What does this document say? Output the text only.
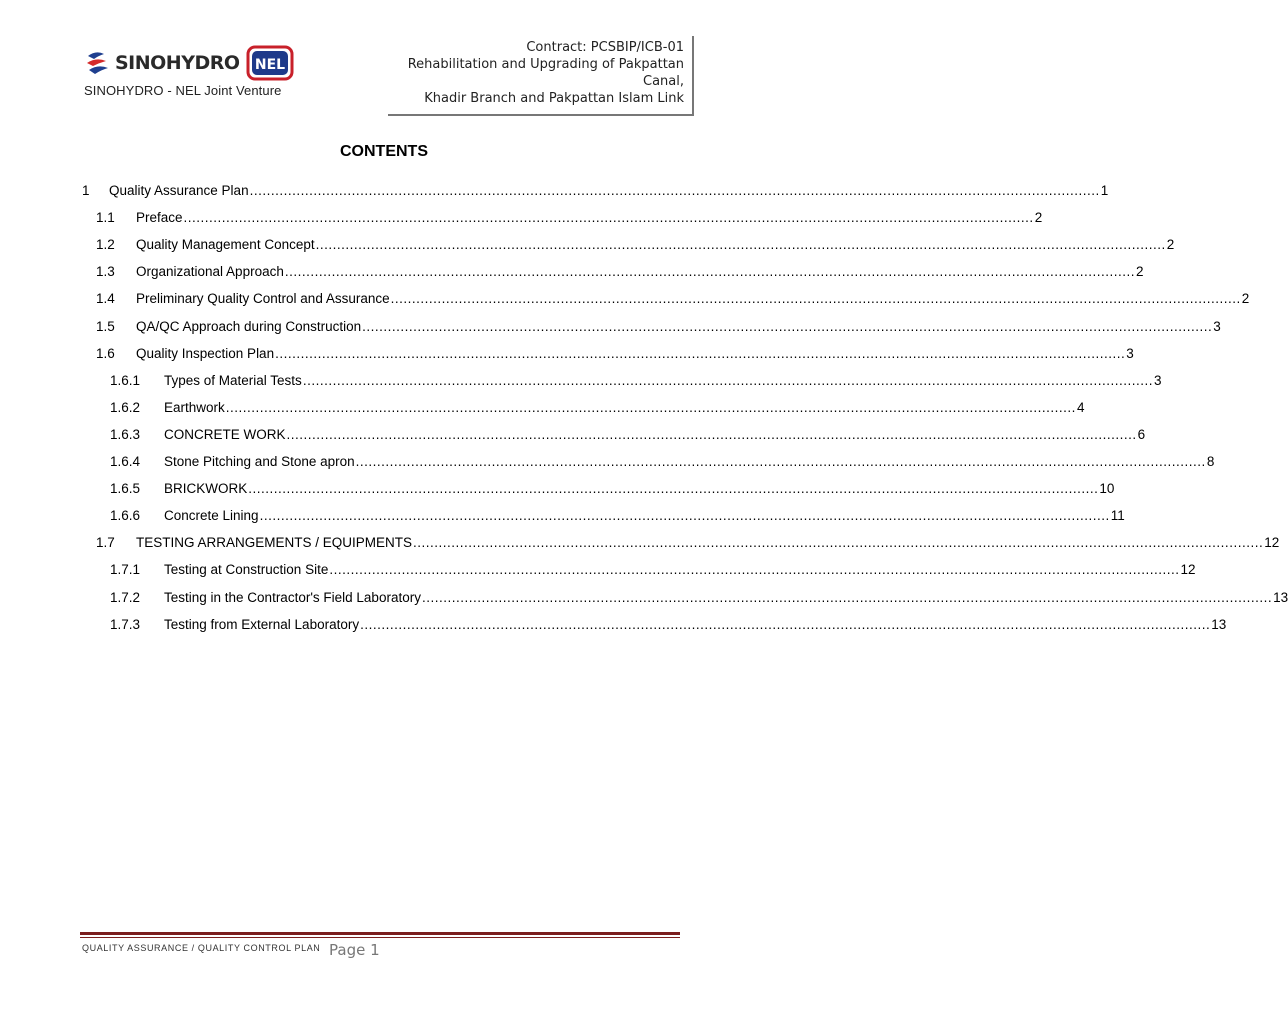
SINOHYDRO NEL
SINOHYDRO - NEL Joint Venture
Contract: PCSBIP/ICB-01
Rehabilitation and Upgrading of Pakpattan
Canal,
Khadir Branch and Pakpattan Islam Link
CONTENTS
1	Quality Assurance Plan ........................................................................................................................................................................................................ 1
1.1	Preface ........................................................................................................................................................................................................ 2
1.2	Quality Management Concept ........................................................................................................................................................................................................ 2
1.3	Organizational Approach ........................................................................................................................................................................................................ 2
1.4	Preliminary Quality Control and Assurance ........................................................................................................................................................................................................ 2
1.5	QA/QC Approach during Construction ........................................................................................................................................................................................................ 3
1.6	Quality Inspection Plan ........................................................................................................................................................................................................ 3
1.6.1	Types of Material Tests ........................................................................................................................................................................................................ 3
1.6.2	Earthwork ........................................................................................................................................................................................................ 4
1.6.3	CONCRETE WORK ........................................................................................................................................................................................................ 6
1.6.4	Stone Pitching and Stone apron ........................................................................................................................................................................................................ 8
1.6.5	BRICKWORK ........................................................................................................................................................................................................ 10
1.6.6	Concrete Lining ........................................................................................................................................................................................................ 11
1.7	TESTING ARRANGEMENTS / EQUIPMENTS ........................................................................................................................................................................................................ 12
1.7.1	Testing at Construction Site ........................................................................................................................................................................................................ 12
1.7.2	Testing in the Contractor's Field Laboratory ........................................................................................................................................................................................................ 13
1.7.3	Testing from External Laboratory ........................................................................................................................................................................................................ 13
QUALITY ASSURANCE / QUALITY CONTROL PLAN Page 1
